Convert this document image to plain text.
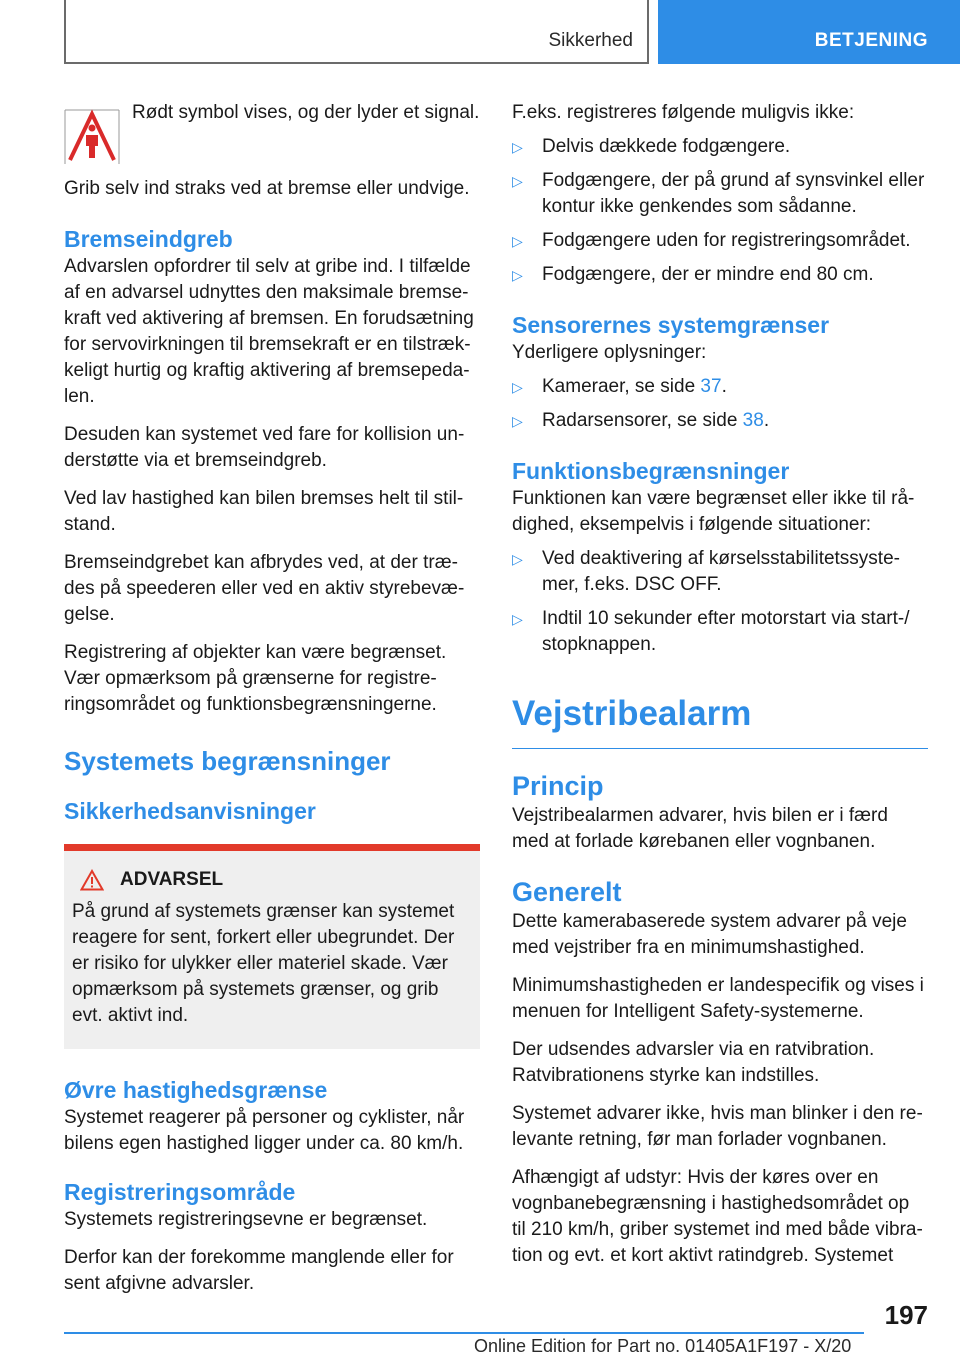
Sikkerhed	BETJENING

Rødt symbol vises, og der lyder et signal.

Grib selv ind straks ved at bremse eller undvige.

Bremseindgreb

Advarslen opfordrer til selv at gribe ind. I tilfælde af en advarsel udnyttes den maksimale bremsekraft ved aktivering af bremsen. En forudsætning for servovirkningen til bremsekraft er en tilstrækkeligt hurtig og kraftig aktivering af bremsepedalen.

Desuden kan systemet ved fare for kollision understøtte via et bremseindgreb.

Ved lav hastighed kan bilen bremses helt til stilstand.

Bremseindgrebet kan afbrydes ved, at der trædes på speederen eller ved en aktiv styrebevægelse.

Registrering af objekter kan være begrænset. Vær opmærksom på grænserne for registreringsområdet og funktionsbegrænsningerne.

Systemets begrænsninger
Sikkerhedsanvisninger
ADVARSEL

På grund af systemets grænser kan systemet reagere for sent, forkert eller ubegrundet. Der er risiko for ulykker eller materiel skade. Vær opmærksom på systemets grænser, og grib evt. aktivt ind.

Øvre hastighedsgrænse

Systemet reagerer på personer og cyklister, når bilens egen hastighed ligger under ca. 80 km/h.

Registreringsområde

Systemets registreringsevne er begrænset.

Derfor kan der forekomme manglende eller for sent afgivne advarsler.

F.eks. registreres følgende muligvis ikke:

▷ Delvis dækkede fodgængere.
▷ Fodgængere, der på grund af synsvinkel eller kontur ikke genkendes som sådanne.
▷ Fodgængere uden for registreringsområdet.
▷ Fodgængere, der er mindre end 80 cm.
Sensorernes systemgrænser

Yderligere oplysninger:

▷ Kameraer, se side 37.
▷ Radarsensorer, se side 38.
Funktionsbegrænsninger

Funktionen kan være begrænset eller ikke til rådighed, eksempelvis i følgende situationer:

▷ Ved deaktivering af kørselsstabilitetssystemer, f.eks. DSC OFF.
▷ Indtil 10 sekunder efter motorstart via start-/ stopknappen.
Vejstribealarm
Princip

Vejstribealarmen advarer, hvis bilen er i færd med at forlade kørebanen eller vognbanen.

Generelt

Dette kamerabaserede system advarer på veje med vejstriber fra en minimumshastighed.

Minimumshastigheden er landespecifik og vises i menuen for Intelligent Safety-systemerne.

Der udsendes advarsler via en ratvibration. Ratvibrationens styrke kan indstilles.

Systemet advarer ikke, hvis man blinker i den relevante retning, før man forlader vognbanen.

Afhængigt af udstyr: Hvis der køres over en vognbanebegrænsning i hastighedsområdet op til 210 km/h, griber systemet ind med både vibration og evt. et kort aktivt ratindgreb. Systemet

197
Online Edition for Part no. 01405A1F197 - X/20
